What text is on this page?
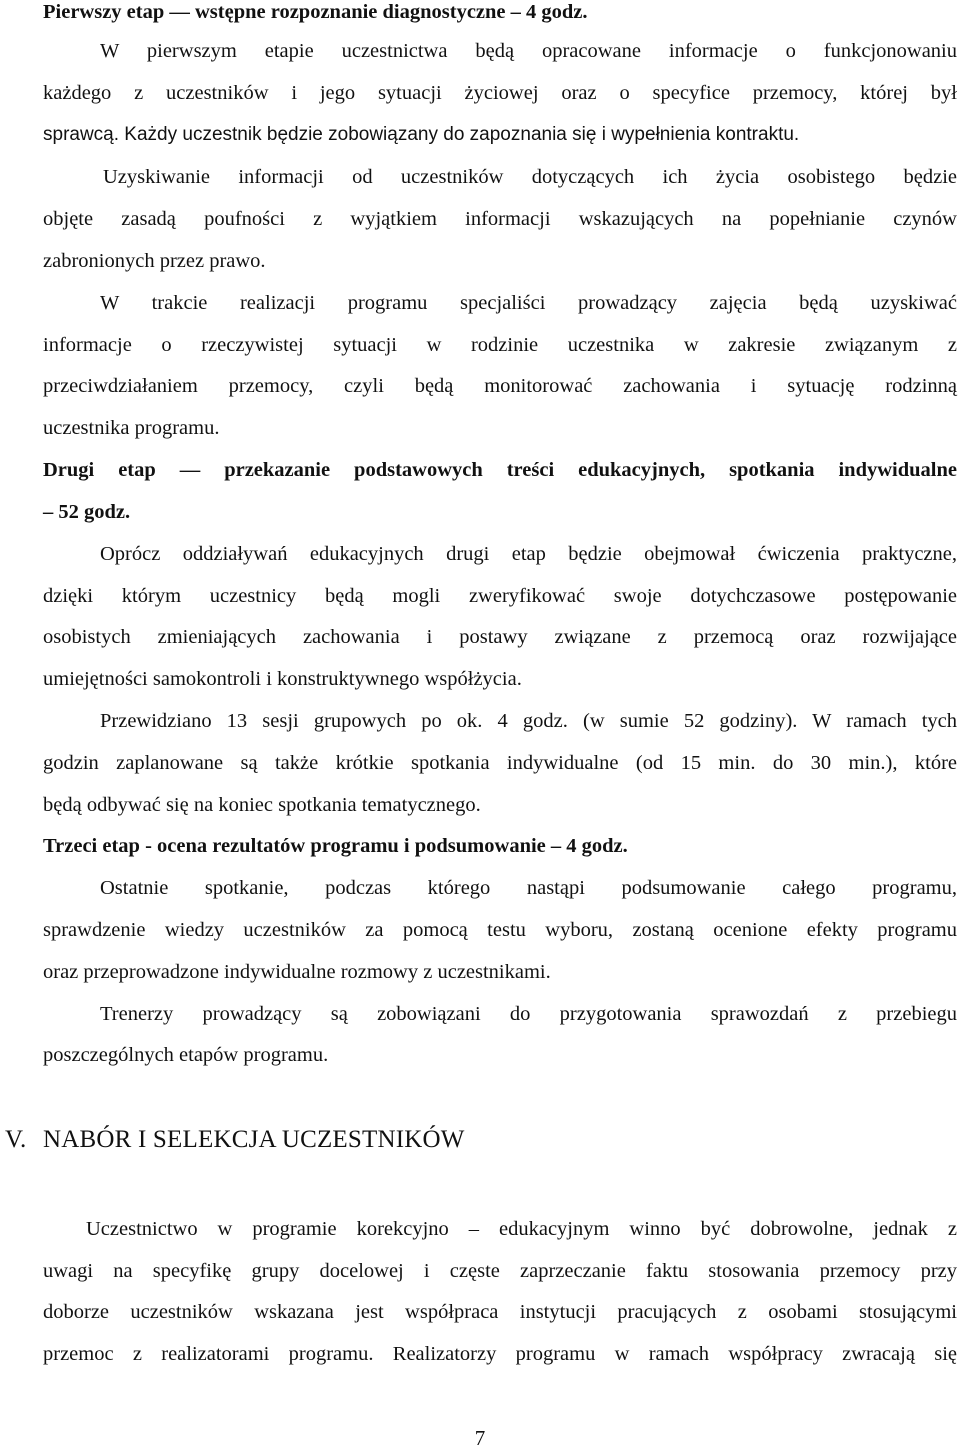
Pierwszy etap — wstępne rozpoznanie diagnostyczne – 4 godz.
W pierwszym etapie uczestnictwa będą opracowane informacje o funkcjonowaniu
każdego z uczestników i jego sytuacji życiowej oraz o specyfice przemocy, której był
sprawcą. Każdy uczestnik będzie zobowiązany do zapoznania się i wypełnienia kontraktu.
Uzyskiwanie informacji od uczestników dotyczących ich życia osobistego będzie
objęte zasadą poufności z wyjątkiem informacji wskazujących na popełnianie czynów
zabronionych przez prawo.
W trakcie realizacji programu specjaliści prowadzący zajęcia będą uzyskiwać
informacje o rzeczywistej sytuacji w rodzinie uczestnika w zakresie związanym z
przeciwdziałaniem przemocy, czyli będą monitorować zachowania i sytuację rodzinną
uczestnika programu.
Drugi etap — przekazanie podstawowych treści edukacyjnych, spotkania indywidualne
– 52 godz.
Oprócz oddziaływań edukacyjnych drugi etap będzie obejmował ćwiczenia praktyczne,
dzięki którym uczestnicy będą mogli zweryfikować swoje dotychczasowe postępowanie
osobistych zmieniających zachowania i postawy związane z przemocą oraz rozwijające
umiejętności samokontroli i konstruktywnego współżycia.
Przewidziano 13 sesji grupowych po ok. 4 godz. (w sumie 52 godziny). W ramach tych
godzin zaplanowane są także krótkie spotkania indywidualne (od 15 min. do 30 min.), które
będą odbywać się na koniec spotkania tematycznego.
Trzeci etap - ocena rezultatów programu i podsumowanie – 4 godz.
Ostatnie spotkanie, podczas którego nastąpi podsumowanie całego programu,
sprawdzenie wiedzy uczestników za pomocą testu wyboru, zostaną ocenione efekty programu
oraz przeprowadzone indywidualne rozmowy z uczestnikami.
Trenerzy prowadzący są zobowiązani do przygotowania sprawozdań z przebiegu
poszczególnych etapów programu.
V. NABÓR I SELEKCJA UCZESTNIKÓW
Uczestnictwo w programie korekcyjno – edukacyjnym winno być dobrowolne, jednak z
uwagi na specyfikę grupy docelowej i częste zaprzeczanie faktu stosowania przemocy przy
doborze uczestników wskazana jest współpraca instytucji pracujących z osobami stosującymi
przemoc z realizatorami programu. Realizatorzy programu w ramach współpracy zwracają się
7
